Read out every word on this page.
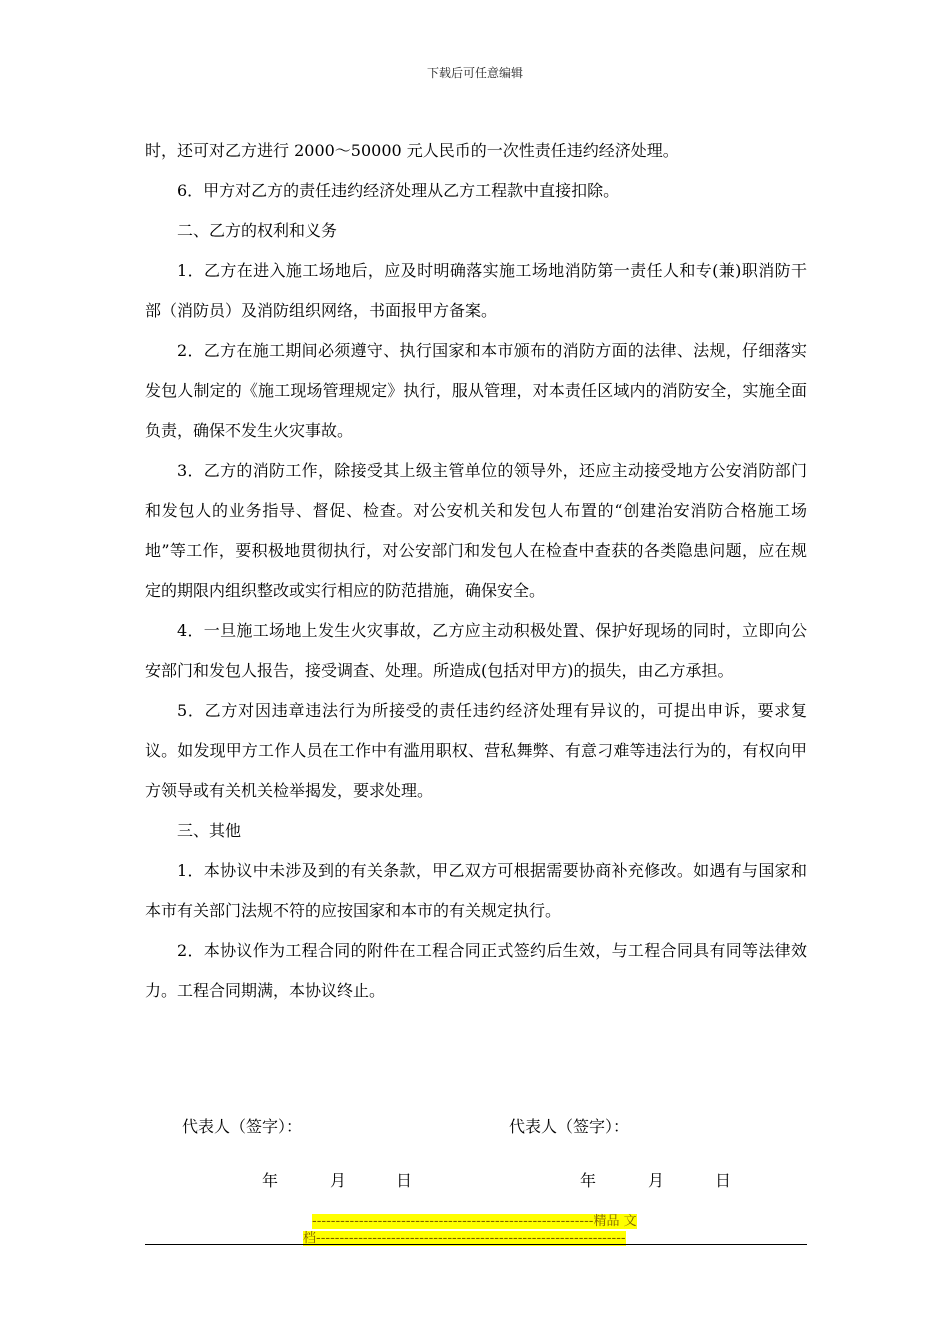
下载后可任意编辑

时，还可对乙方进行 2000～50000 元人民币的一次性责任违约经济处理。

6．甲方对乙方的责任违约经济处理从乙方工程款中直接扣除。

二、乙方的权利和义务

1．乙方在进入施工场地后，应及时明确落实施工场地消防第一责任人和专(兼)职消防干部（消防员）及消防组织网络，书面报甲方备案。

2．乙方在施工期间必须遵守、执行国家和本市颁布的消防方面的法律、法规，仔细落实发包人制定的《施工现场管理规定》执行，服从管理，对本责任区域内的消防安全，实施全面负责，确保不发生火灾事故。

3．乙方的消防工作，除接受其上级主管单位的领导外，还应主动接受地方公安消防部门和发包人的业务指导、督促、检查。对公安机关和发包人布置的“创建治安消防合格施工场地”等工作，要积极地贯彻执行，对公安部门和发包人在检查中查获的各类隐患问题，应在规定的期限内组织整改或实行相应的防范措施，确保安全。

4．一旦施工场地上发生火灾事故，乙方应主动积极处置、保护好现场的同时，立即向公安部门和发包人报告，接受调查、处理。所造成(包括对甲方)的损失，由乙方承担。

5．乙方对因违章违法行为所接受的责任违约经济处理有异议的，可提出申诉，要求复议。如发现甲方工作人员在工作中有滥用职权、营私舞弊、有意刁难等违法行为的，有权向甲方领导或有关机关检举揭发，要求处理。

三、其他

1．本协议中未涉及到的有关条款，甲乙双方可根据需要协商补充修改。如遇有与国家和本市有关部门法规不符的应按国家和本市的有关规定执行。

2．本协议作为工程合同的附件在工程合同正式签约后生效，与工程合同具有同等法律效力。工程合同期满，本协议终止。

代表人（签字）：	代表人（签字）：
年	月	日	年	月	日
------------------------------------------------------------精品 文
档------------------------------------------------------------------
